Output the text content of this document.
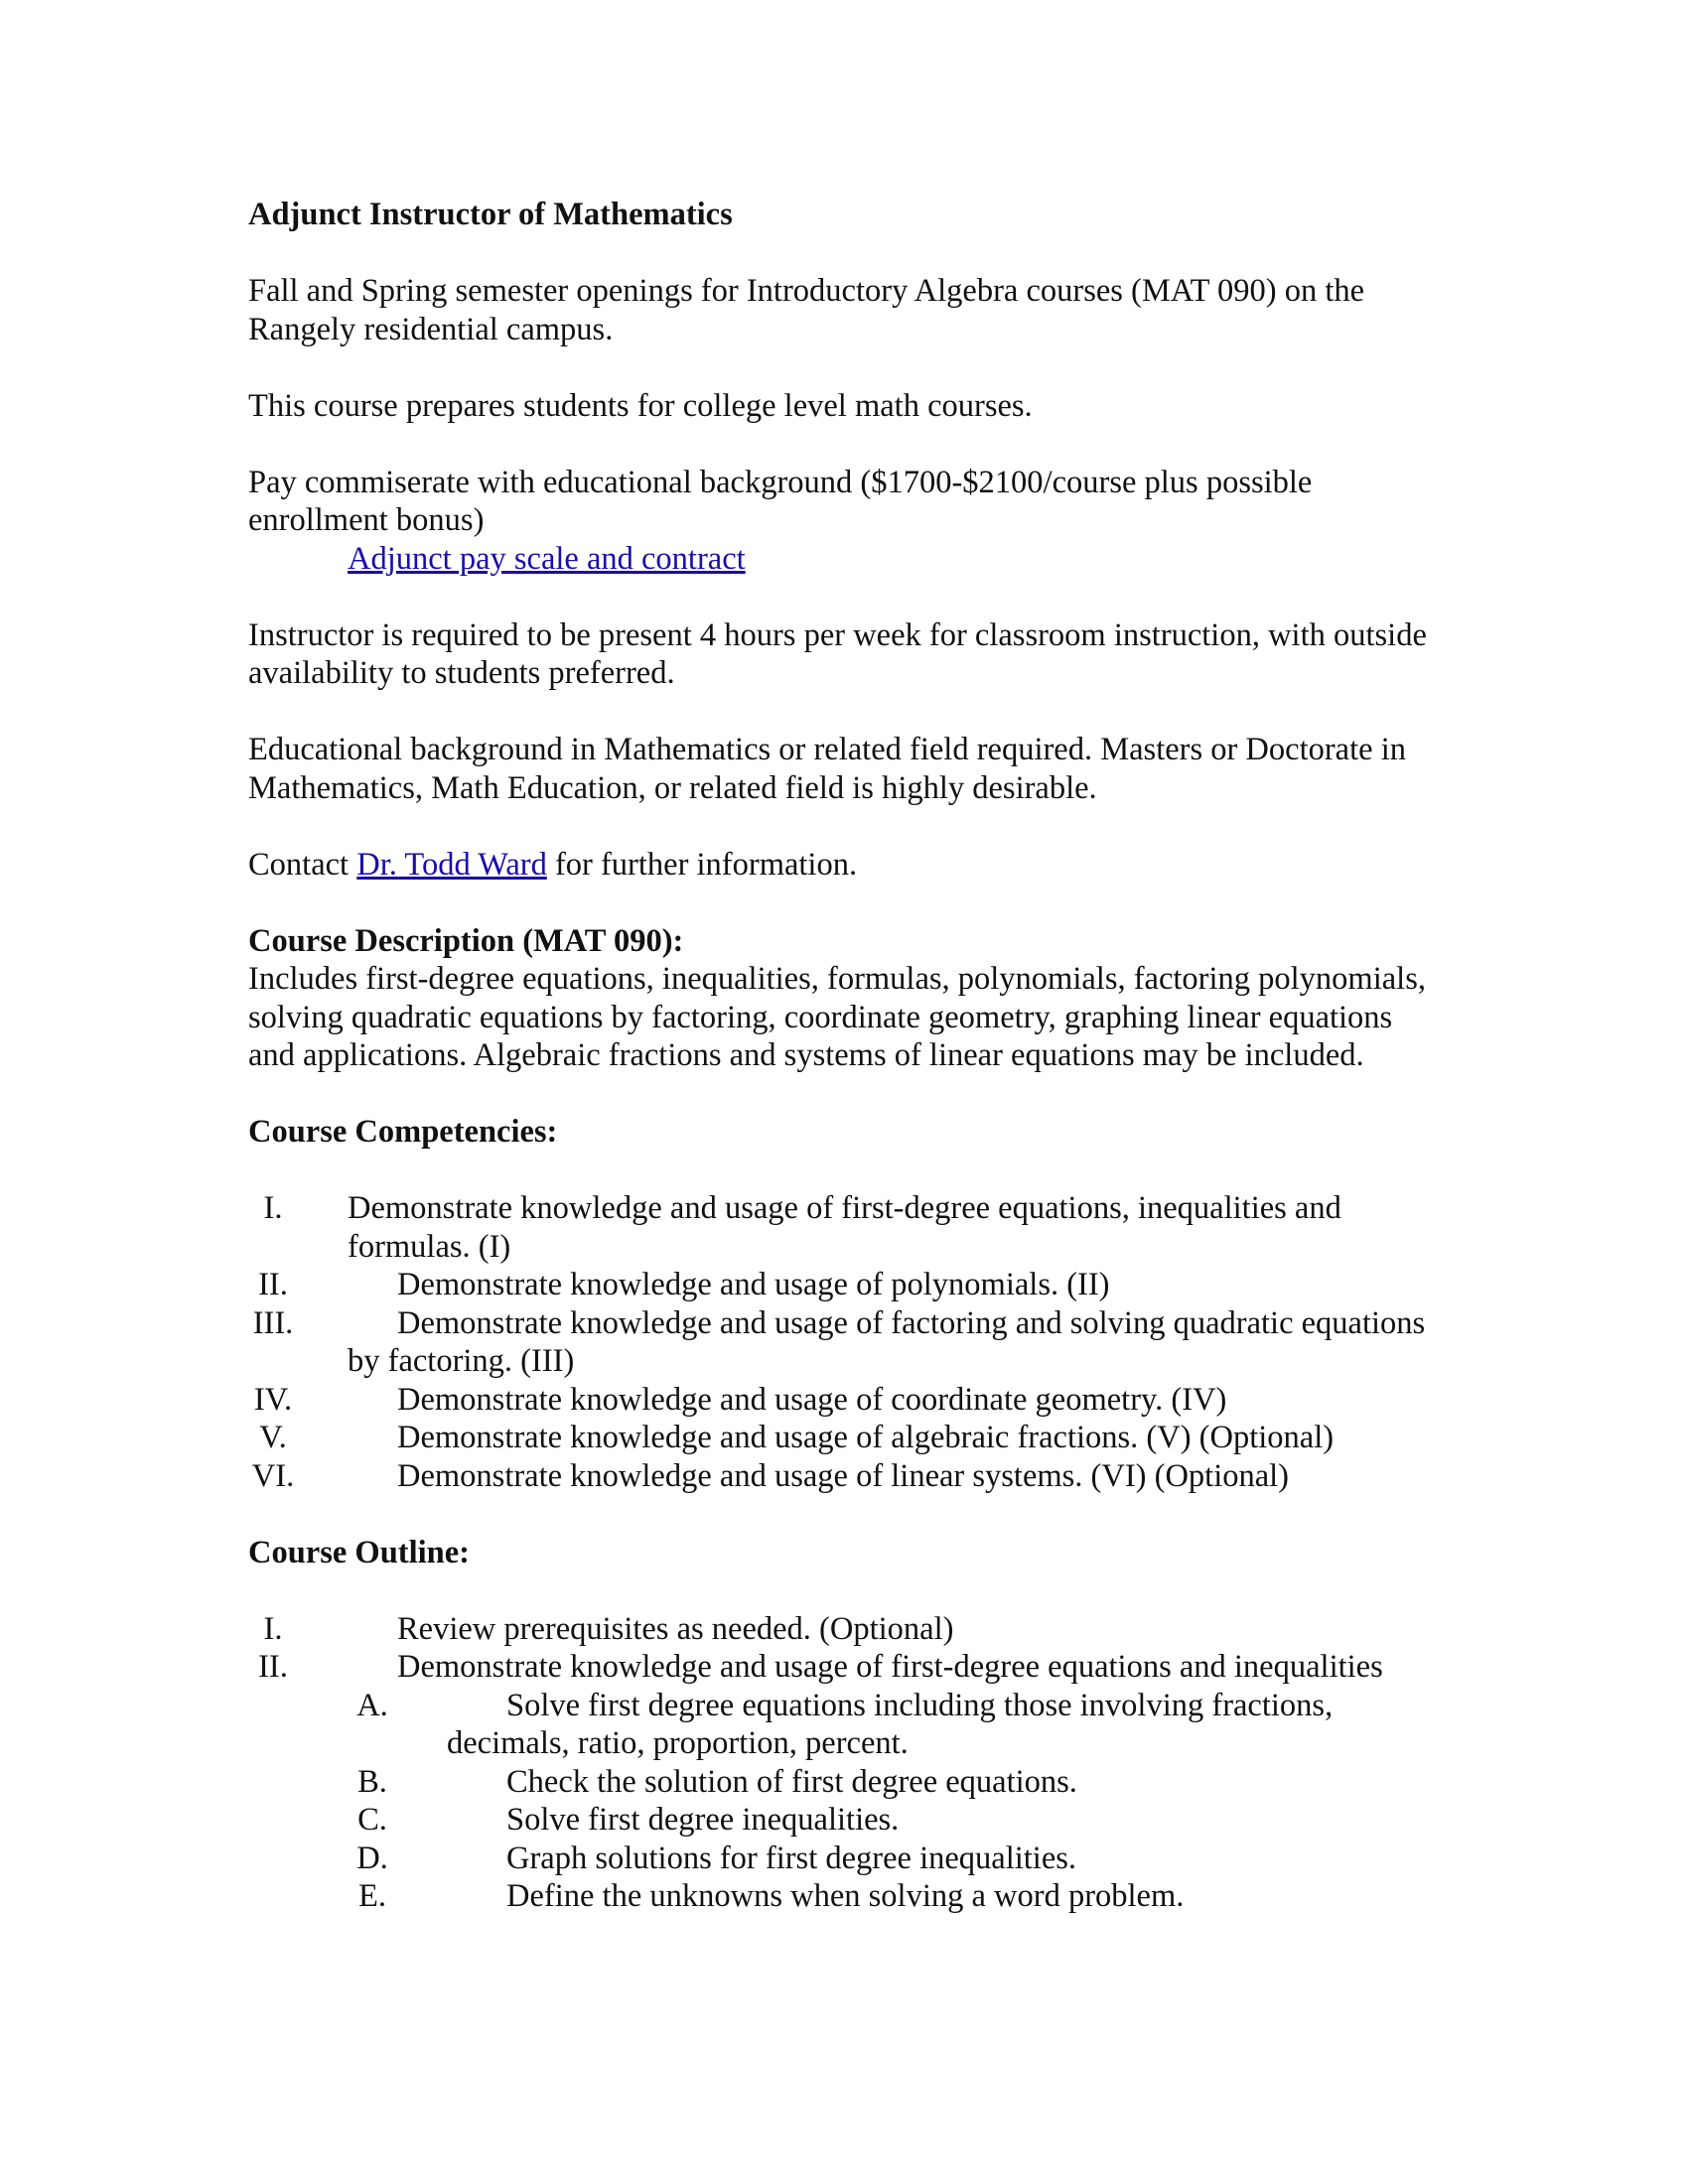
Adjunct Instructor of Mathematics

Fall and Spring semester openings for Introductory Algebra courses (MAT 090) on the Rangely residential campus.

This course prepares students for college level math courses.

Pay commiserate with educational background ($1700-$2100/course plus possible enrollment bonus)

Adjunct pay scale and contract

Instructor is required to be present 4 hours per week for classroom instruction, with outside availability to students preferred.

Educational background in Mathematics or related field required. Masters or Doctorate in Mathematics, Math Education, or related field is highly desirable.

Contact Dr. Todd Ward for further information.

Course Description (MAT 090):

Includes first-degree equations, inequalities, formulas, polynomials, factoring polynomials, solving quadratic equations by factoring, coordinate geometry, graphing linear equations and applications. Algebraic fractions and systems of linear equations may be included.

Course Competencies:

I.	Demonstrate knowledge and usage of first-degree equations, inequalities and formulas. (I)
II.	Demonstrate knowledge and usage of polynomials. (II)
III.	Demonstrate knowledge and usage of factoring and solving quadratic equations by factoring. (III)
IV.	Demonstrate knowledge and usage of coordinate geometry. (IV)
V.	Demonstrate knowledge and usage of algebraic fractions. (V) (Optional)
VI.	Demonstrate knowledge and usage of linear systems. (VI) (Optional)

Course Outline:

I.	Review prerequisites as needed. (Optional)
II.	Demonstrate knowledge and usage of first-degree equations and inequalities
A.	Solve first degree equations including those involving fractions, decimals, ratio, proportion, percent.
B.	Check the solution of first degree equations.
C.	Solve first degree inequalities.
D.	Graph solutions for first degree inequalities.
E.	Define the unknowns when solving a word problem.
